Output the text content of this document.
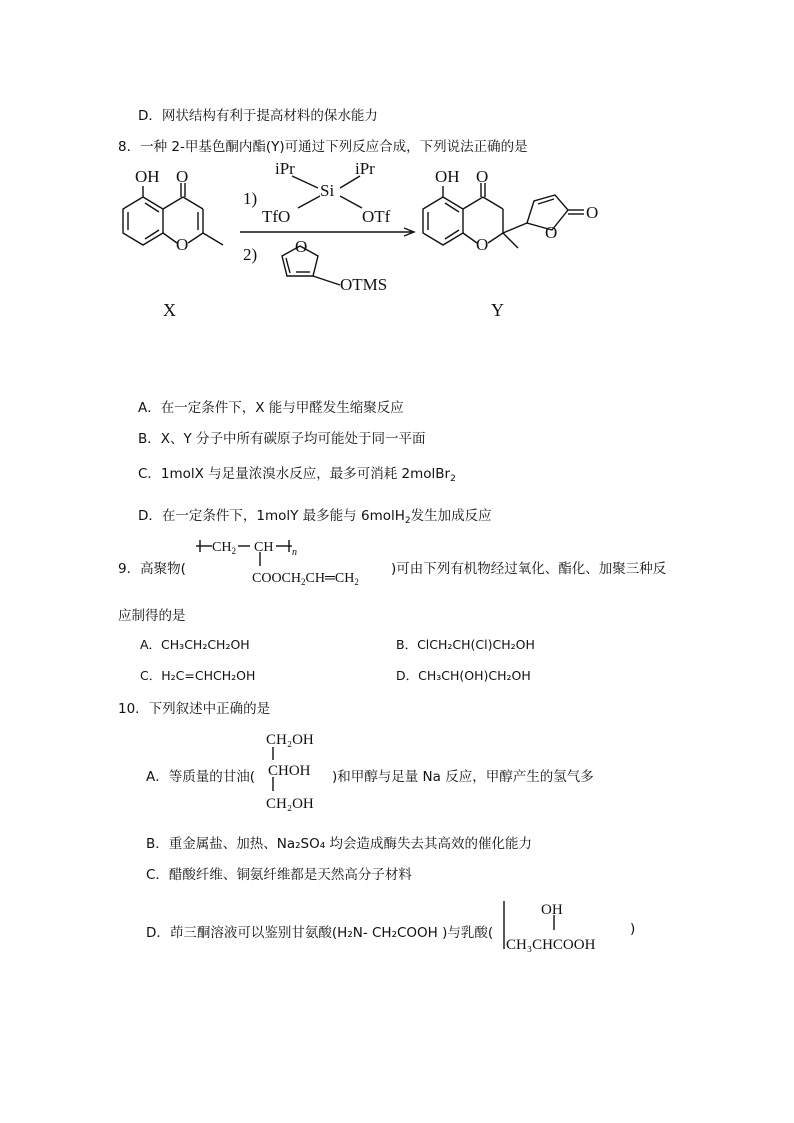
D．网状结构有利于提高材料的保水能力
8．一种 2-甲基色酮内酯(Y)可通过下列反应合成，下列说法正确的是
OH O
O
X
1)
iPr	iPr
Si
TfO	OTf
2) O
OTMS
OH O
O
O
O
Y
A．在一定条件下，X 能与甲醛发生缩聚反应
B．X、Y 分子中所有碳原子均可能处于同一平面
C．1molX 与足量浓溴水反应，最多可消耗 2molBr$_2$
D．在一定条件下，1molY 最多能与 6molH$_2$发生加成反应
9．高聚物(
$CH_2$ CH n
$COOCH_2CH═CH_2$
)可由下列有机物经过氧化、酯化、加聚三种反
应制得的是
A．CH₃CH₂CH₂OH	B．ClCH₂CH(Cl)CH₂OH
C．H₂C=CHCH₂OH	D．CH₃CH(OH)CH₂OH
10．下列叙述中正确的是
A．等质量的甘油(
CH₂OH
CHOH
CH₂OH
)和甲醇与足量 Na 反应，甲醇产生的氢气多
B．重金属盐、加热、Na₂SO₄ 均会造成酶失去其高效的催化能力
C．醋酸纤维、铜氨纤维都是天然高分子材料
D．茚三酮溶液可以鉴别甘氨酸(H₂N- CH₂COOH )与乳酸(
OH
CH₃CHCOOH
)
